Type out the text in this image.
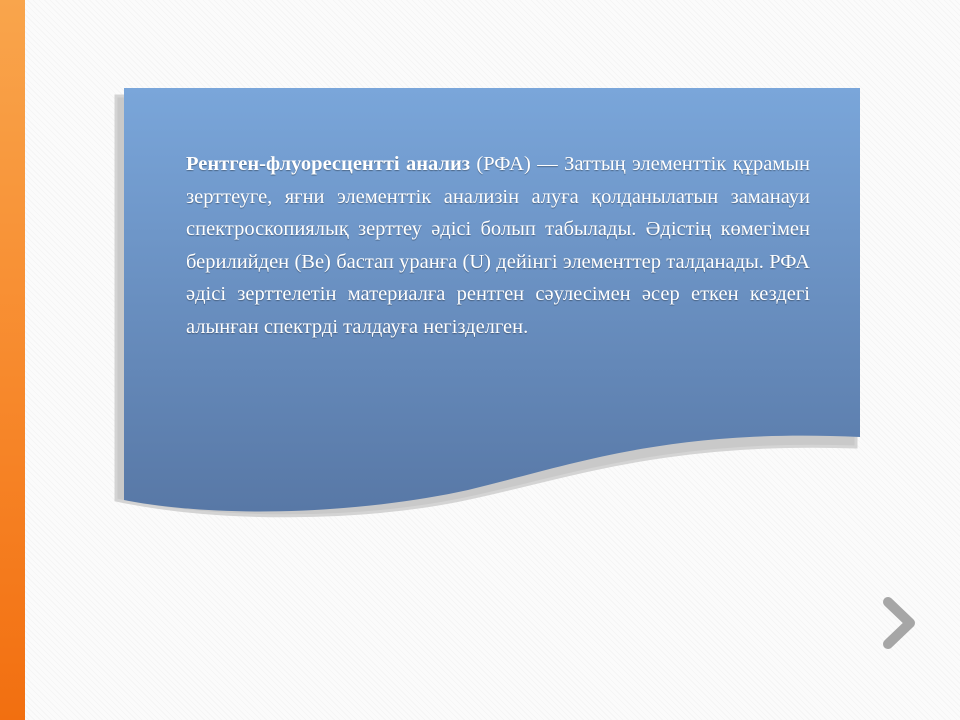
Рентген-флуоресцентті анализ (РФА) — Заттың элементтік құрамын зерттеуге, яғни элементтік анализін алуға қолданылатын заманауи спектроскопиялық зерттеу әдісі болып табылады. Әдістің көмегімен берилийден (Ве) бастап уранға (U) дейінгі элементтер талданады. РФА әдісі зерттелетін материалға рентген сәулесімен әсер еткен кездегі алынған спектрді талдауға негізделген.
